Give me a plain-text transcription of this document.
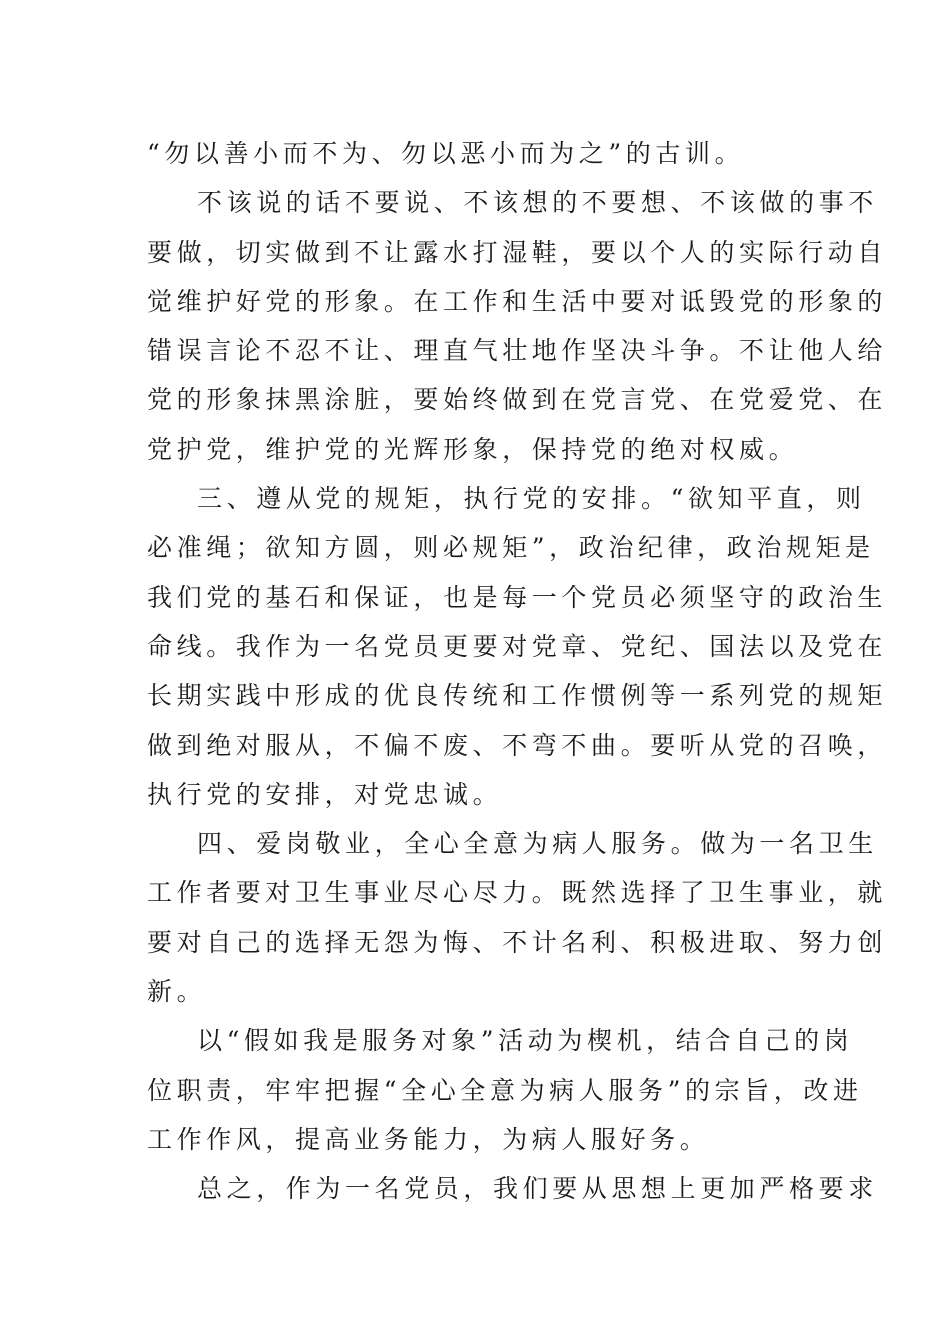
“勿以善小而不为、勿以恶小而为之”的古训。
不该说的话不要说、不该想的不要想、不该做的事不
要做，切实做到不让露水打湿鞋，要以个人的实际行动自
觉维护好党的形象。在工作和生活中要对诋毁党的形象的
错误言论不忍不让、理直气壮地作坚决斗争。不让他人给
党的形象抹黑涂脏，要始终做到在党言党、在党爱党、在
党护党，维护党的光辉形象，保持党的绝对权威。
三、遵从党的规矩，执行党的安排。“欲知平直，则
必准绳；欲知方圆，则必规矩”，政治纪律，政治规矩是
我们党的基石和保证，也是每一个党员必须坚守的政治生
命线。我作为一名党员更要对党章、党纪、国法以及党在
长期实践中形成的优良传统和工作惯例等一系列党的规矩
做到绝对服从，不偏不废、不弯不曲。要听从党的召唤，
执行党的安排，对党忠诚。
四、爱岗敬业，全心全意为病人服务。做为一名卫生
工作者要对卫生事业尽心尽力。既然选择了卫生事业，就
要对自己的选择无怨为悔、不计名利、积极进取、努力创
新。
以“假如我是服务对象”活动为楔机，结合自己的岗
位职责，牢牢把握“全心全意为病人服务”的宗旨，改进
工作作风，提高业务能力，为病人服好务。
总之，作为一名党员，我们要从思想上更加严格要求
